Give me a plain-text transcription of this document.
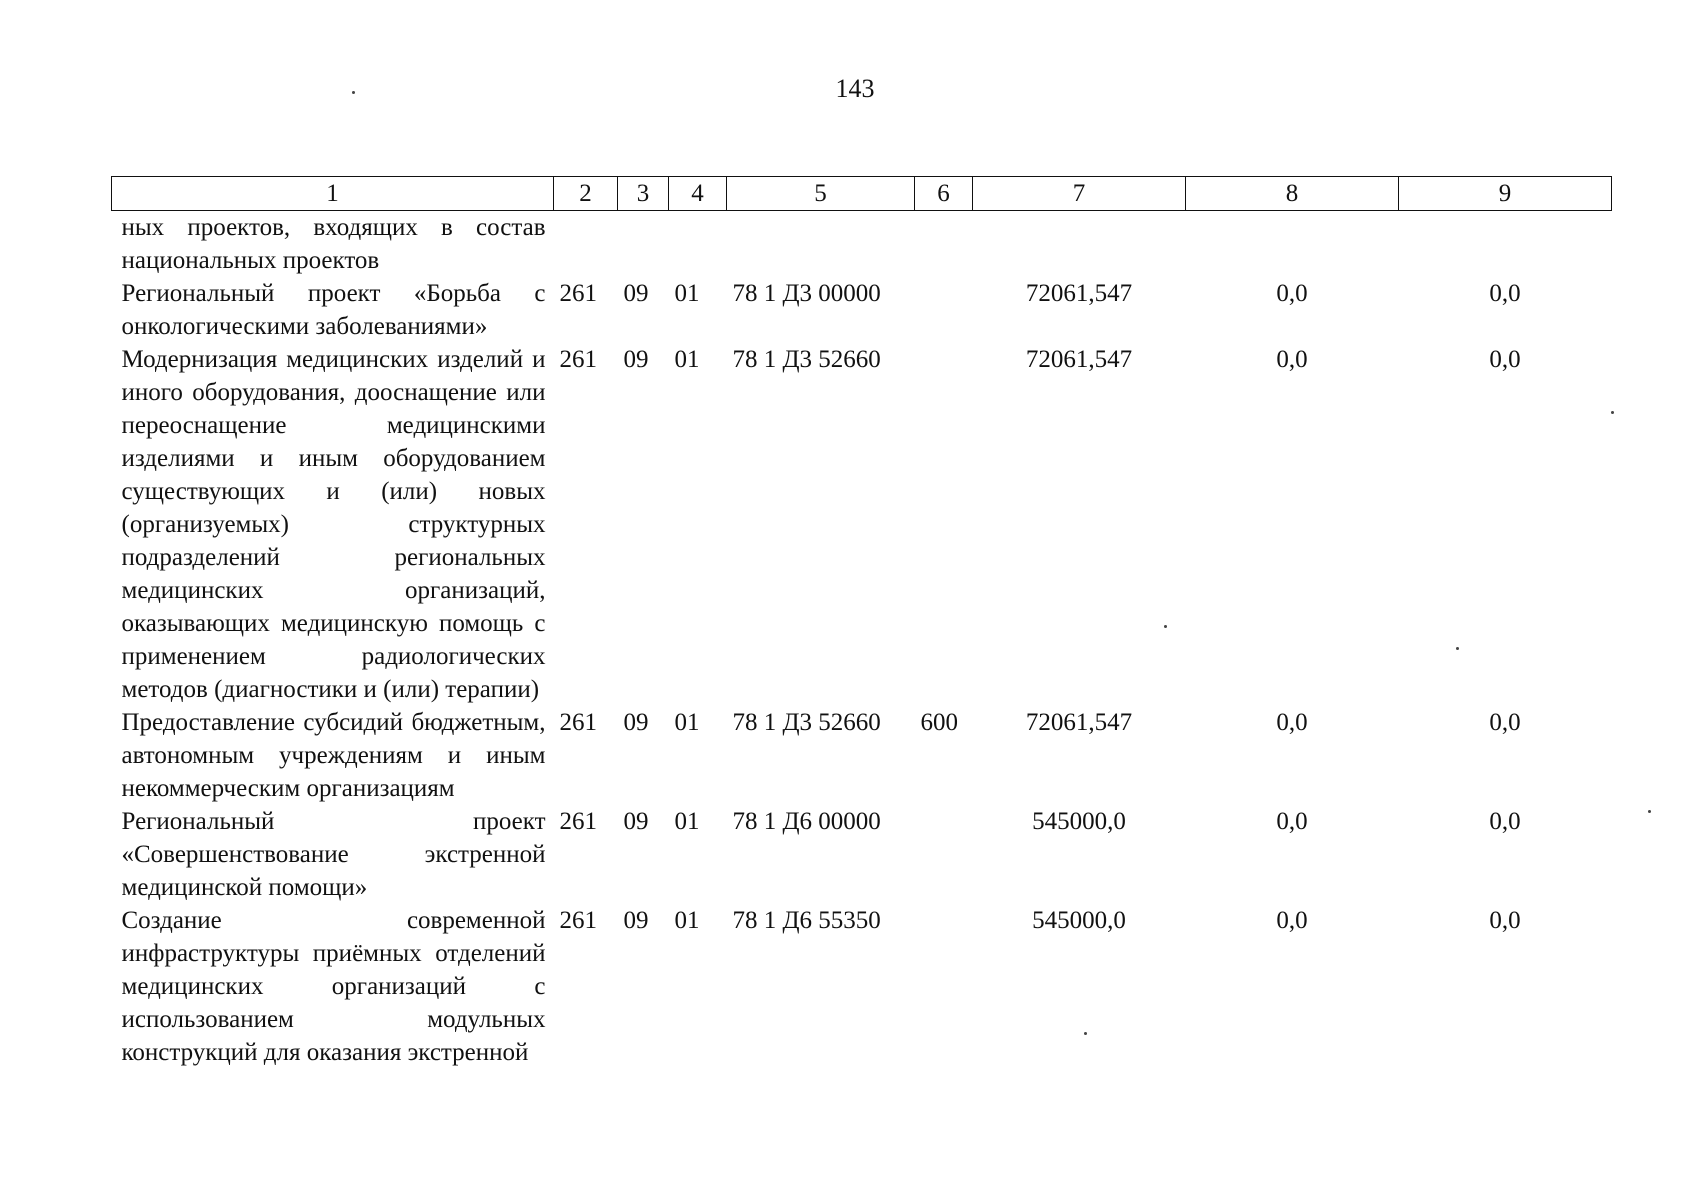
143
1	2	3	4	5	6	7	8	9
ных проектов, входящих в состав национальных проектов								
Региональный проект «Борьба с онкологическими заболеваниями»	261	09	01	78 1 Д3 00000		72061,547	0,0	0,0
Модернизация медицинских изделий и иного оборудования, дооснащение или переоснащение медицинскими изделиями и иным оборудованием существующих и (или) новых (организуемых) структурных подразделений региональных медицинских организаций, оказывающих медицинскую помощь с применением радиологических методов (диагностики и (или) терапии)	261	09	01	78 1 Д3 52660		72061,547	0,0	0,0
Предоставление субсидий бюджетным, автономным учреждениям и иным некоммерческим организациям	261	09	01	78 1 Д3 52660	600	72061,547	0,0	0,0
Региональный проект «Совершенствование экстренной медицинской помощи»	261	09	01	78 1 Д6 00000		545000,0	0,0	0,0
Создание современной инфраструктуры приёмных отделений медицинских организаций с использованием модульных конструкций для оказания экстренной	261	09	01	78 1 Д6 55350		545000,0	0,0	0,0
